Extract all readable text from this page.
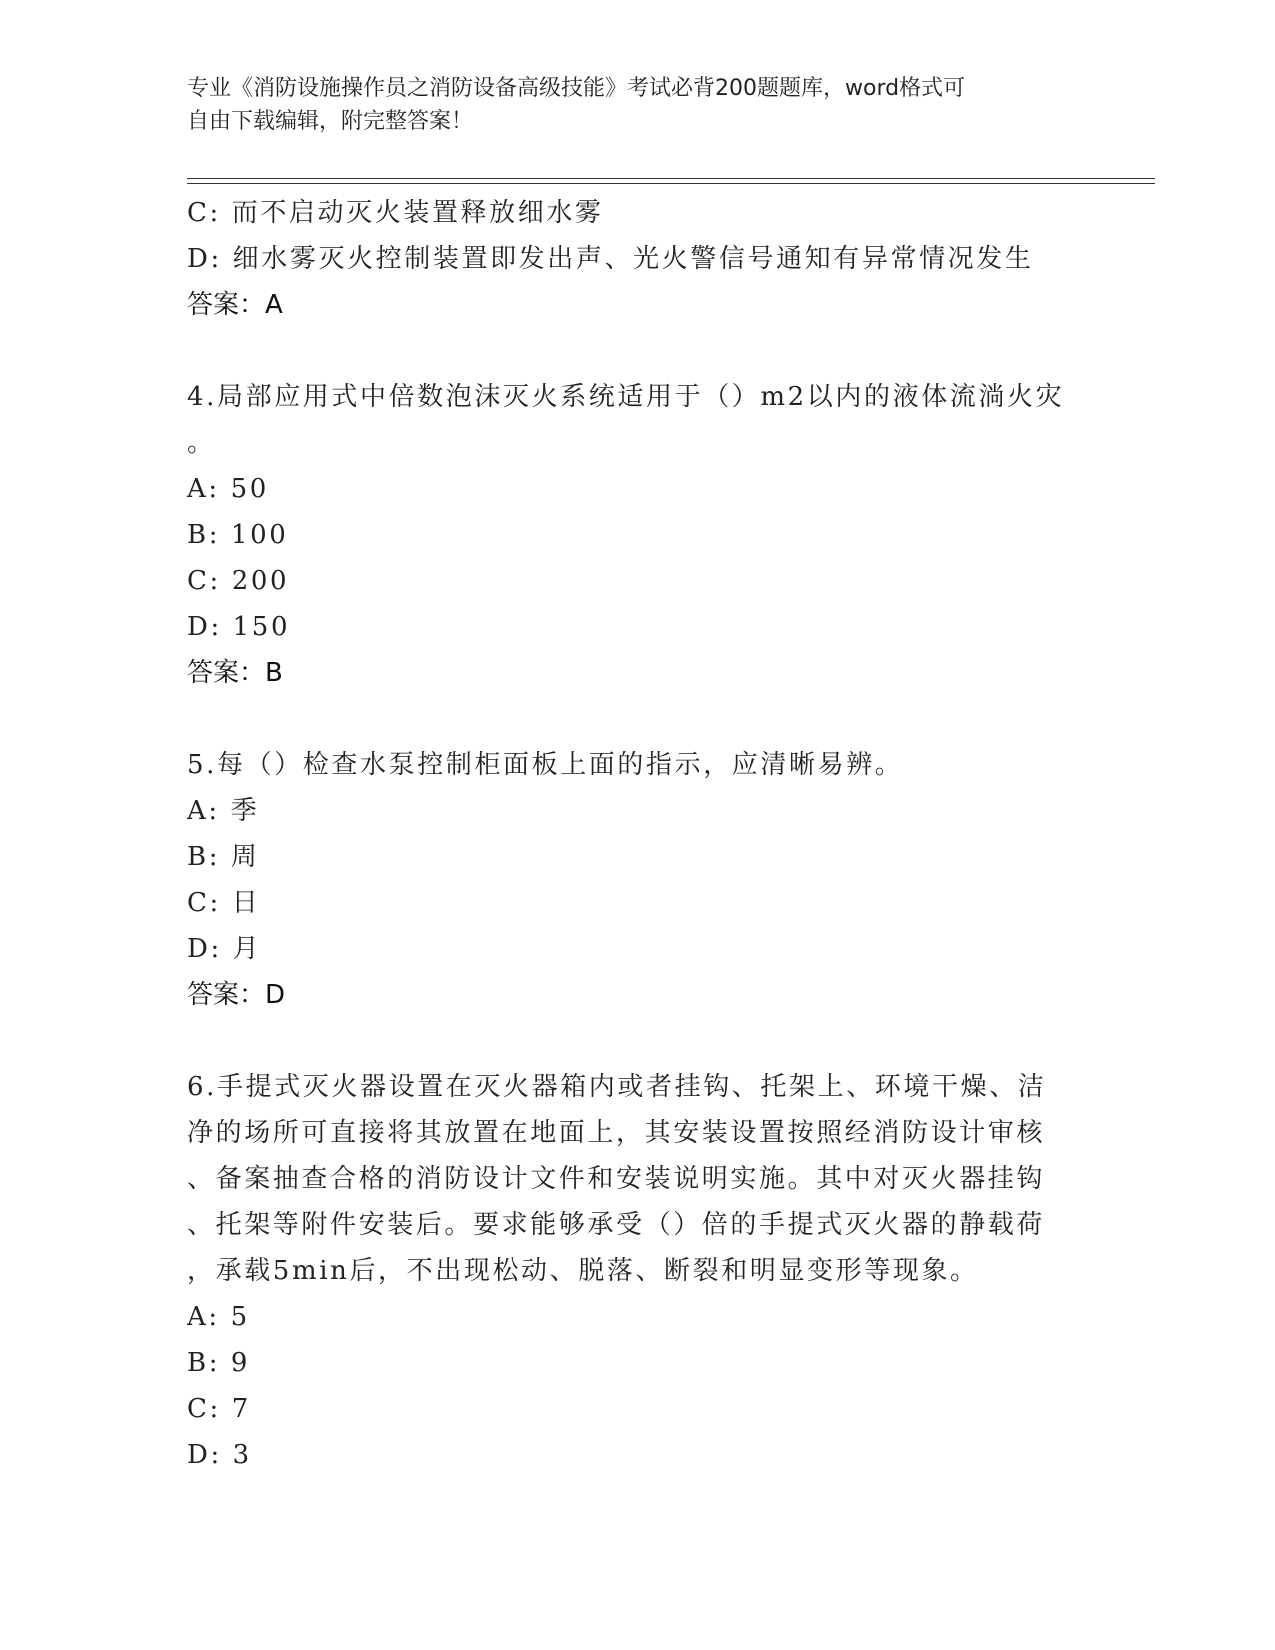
专业《消防设施操作员之消防设备高级技能》考试必背200题题库，word格式可
自由下载编辑，附完整答案！
C: 而不启动灭火装置释放细水雾
D: 细水雾灭火控制装置即发出声、光火警信号通知有异常情况发生
答案：A
4.局部应用式中倍数泡沫灭火系统适用于（）m2以内的液体流淌火灾
。
A: 50
B: 100
C: 200
D: 150
答案：B
5.每（）检查水泵控制柜面板上面的指示，应清晰易辨。
A: 季
B: 周
C: 日
D: 月
答案：D
6.手提式灭火器设置在灭火器箱内或者挂钩、托架上、环境干燥、洁
净的场所可直接将其放置在地面上，其安装设置按照经消防设计审核
、备案抽查合格的消防设计文件和安装说明实施。其中对灭火器挂钩
、托架等附件安装后。要求能够承受（）倍的手提式灭火器的静载荷
，承载5min后，不出现松动、脱落、断裂和明显变形等现象。
A: 5
B: 9
C: 7
D: 3
